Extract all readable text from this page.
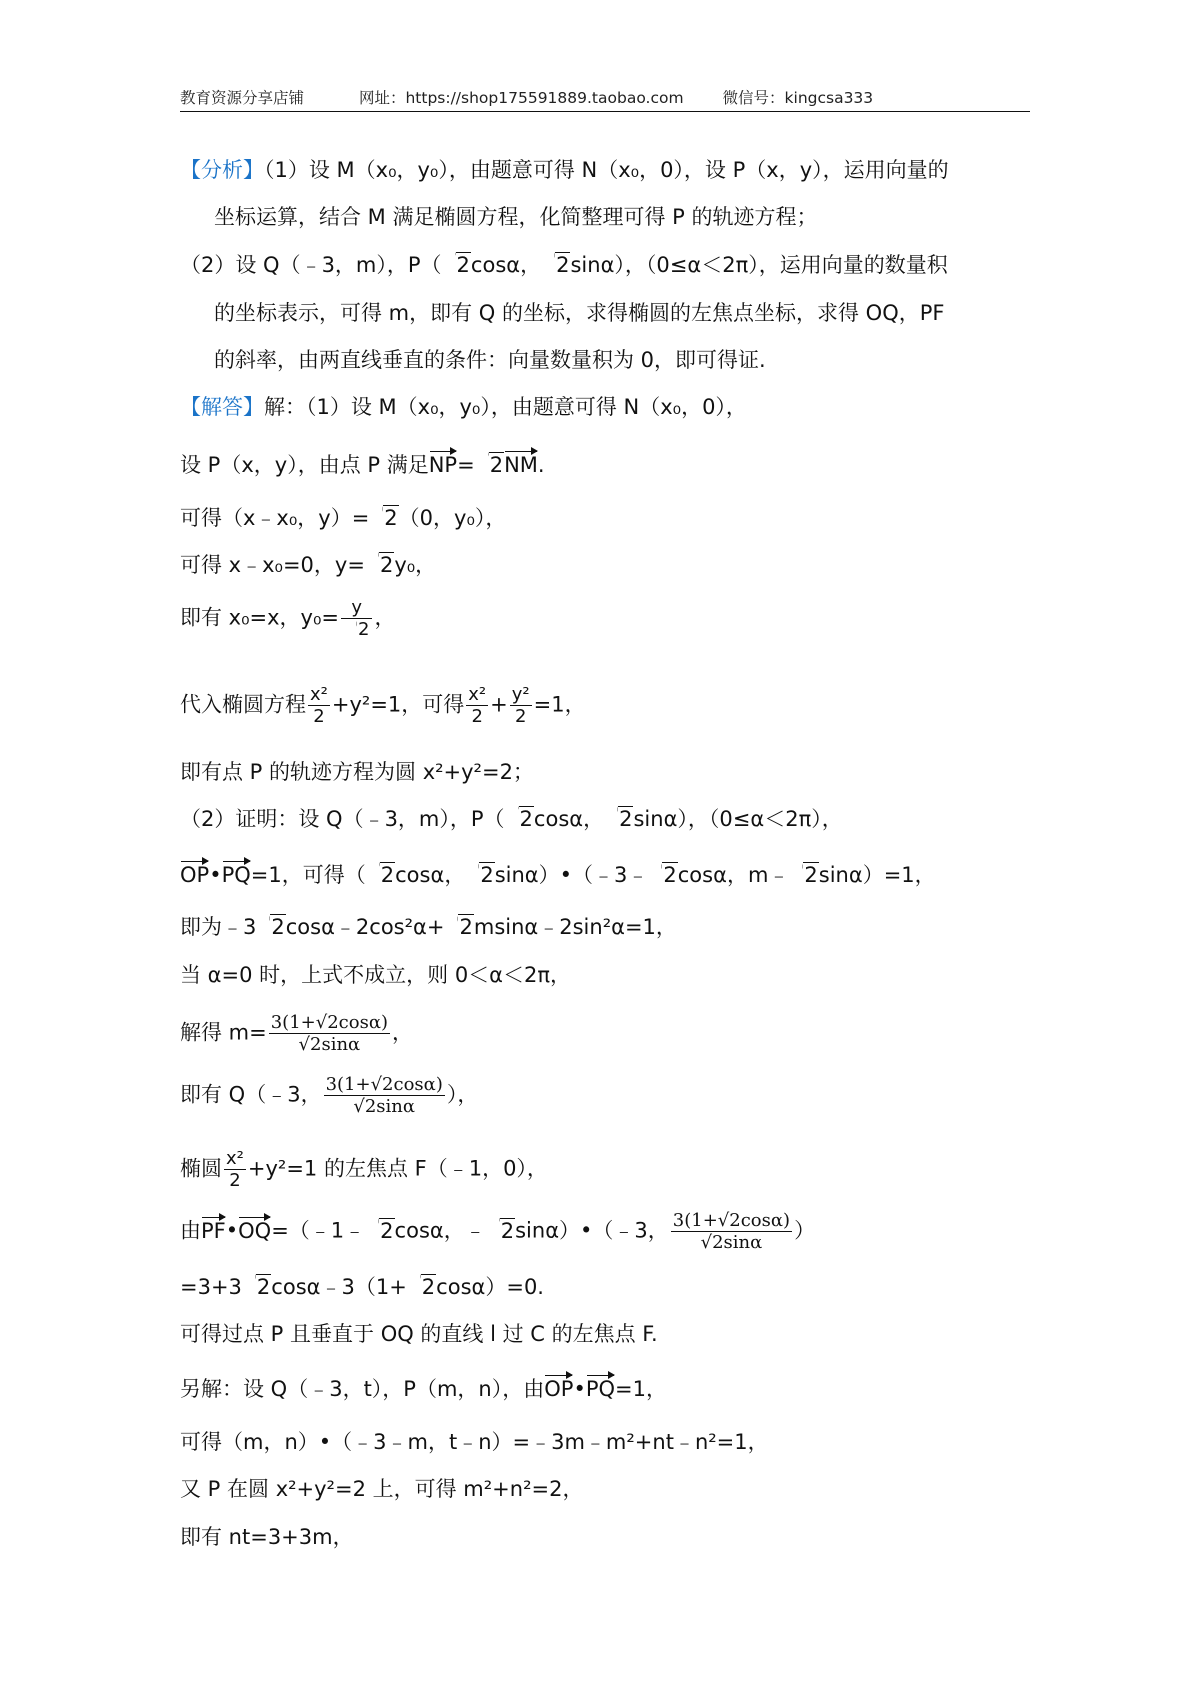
教育资源分享店铺	网址：https://shop175591889.taobao.com	微信号：kingcsa333
【分析】（1）设 M（x₀，y₀），由题意可得 N（x₀，0），设 P（x，y），运用向量的
坐标运算，结合 M 满足椭圆方程，化简整理可得 P 的轨迹方程；
（2）设 Q（﹣3，m），P（ 2cosα， 2sinα），（0≤α＜2π），运用向量的数量积
的坐标表示，可得 m，即有 Q 的坐标，求得椭圆的左焦点坐标，求得 OQ，PF
的斜率，由两直线垂直的条件：向量数量积为 0，即可得证.
【解答】解：（1）设 M（x₀，y₀），由题意可得 N（x₀，0），
设 P（x，y），由点 P 满足NP= 2NM.
可得（x﹣x₀，y）= 2（0，y₀），
可得 x﹣x₀=0，y= 2y₀，
即有 x₀=x，$y_0= \frac{y}{2}$ ，
代入椭圆方程 $\frac{\text{x²}}{2} +y^2=1$，可得 $\frac{\text{x²}}{2} + \frac{\text{y²}}{2} =1$，
即有点 P 的轨迹方程为圆 x²+y²=2；
（2）证明：设 Q（﹣3，m），P（ 2cosα， 2sinα），（0≤α＜2π），
OP•PQ=1，可得（ 2cosα， 2sinα）•（﹣3﹣ 2cosα，m﹣ 2sinα）=1，
即为﹣3 2cosα﹣2cos²α+ 2msinα﹣2sin²α=1，
当 α=0 时，上式不成立，则 0＜α＜2π，
解得 $m= \frac{3(1+√2\cos\alpha)}{√2\sin\alpha}$ ，
即有 Q（﹣3， $\frac{3(1+√2\cos\alpha)}{√2\sin\alpha}$ ），
椭圆 $\frac{\text{x²}}{2} +y^2=1$ 的左焦点 F（﹣1，0），
由PF•OQ=（﹣1﹣ 2cosα，﹣ 2sinα）•（﹣3， $\frac{3(1+√2\cos\alpha)}{√2\sin\alpha}$ ）
=3+3 2cosα﹣3（1+ 2cosα）=0.
可得过点 P 且垂直于 OQ 的直线 l 过 C 的左焦点 F.
另解：设 Q（﹣3，t），P（m，n），由OP•PQ=1，
可得（m，n）•（﹣3﹣m，t﹣n）=﹣3m﹣m²+nt﹣n²=1，
又 P 在圆 x²+y²=2 上，可得 m²+n²=2，
即有 nt=3+3m，
